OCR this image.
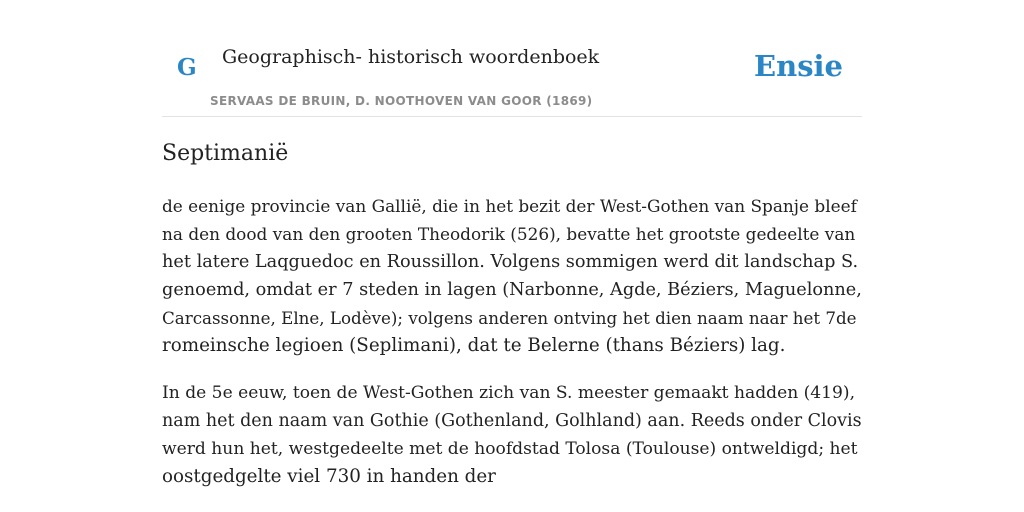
G Geographisch- historisch woordenboek
SERVAAS DE BRUIN, D. NOOTHOVEN VAN GOOR (1869)
Ensie
Septimanië

de eenige provincie van Gallië, die in het bezit der West-Gothen van Spanje bleef
na den dood van den grooten Theodorik (526), bevatte het grootste gedeelte van
het latere Laqguedoc en Roussillon. Volgens sommigen werd dit landschap S.
genoemd, omdat er 7 steden in lagen (Narbonne, Agde, Béziers, Maguelonne,
Carcassonne, Elne, Lodève); volgens anderen ontving het dien naam naar het 7de
romeinsche legioen (Seplimani), dat te Belerne (thans Béziers) lag.

In de 5e eeuw, toen de West-Gothen zich van S. meester gemaakt hadden (419),
nam het den naam van Gothie (Gothenland, Golhland) aan. Reeds onder Clovis
werd hun het, westgedeelte met de hoofdstad Tolosa (Toulouse) ontweldigd; het
oostgedgelte viel 730 in handen der
